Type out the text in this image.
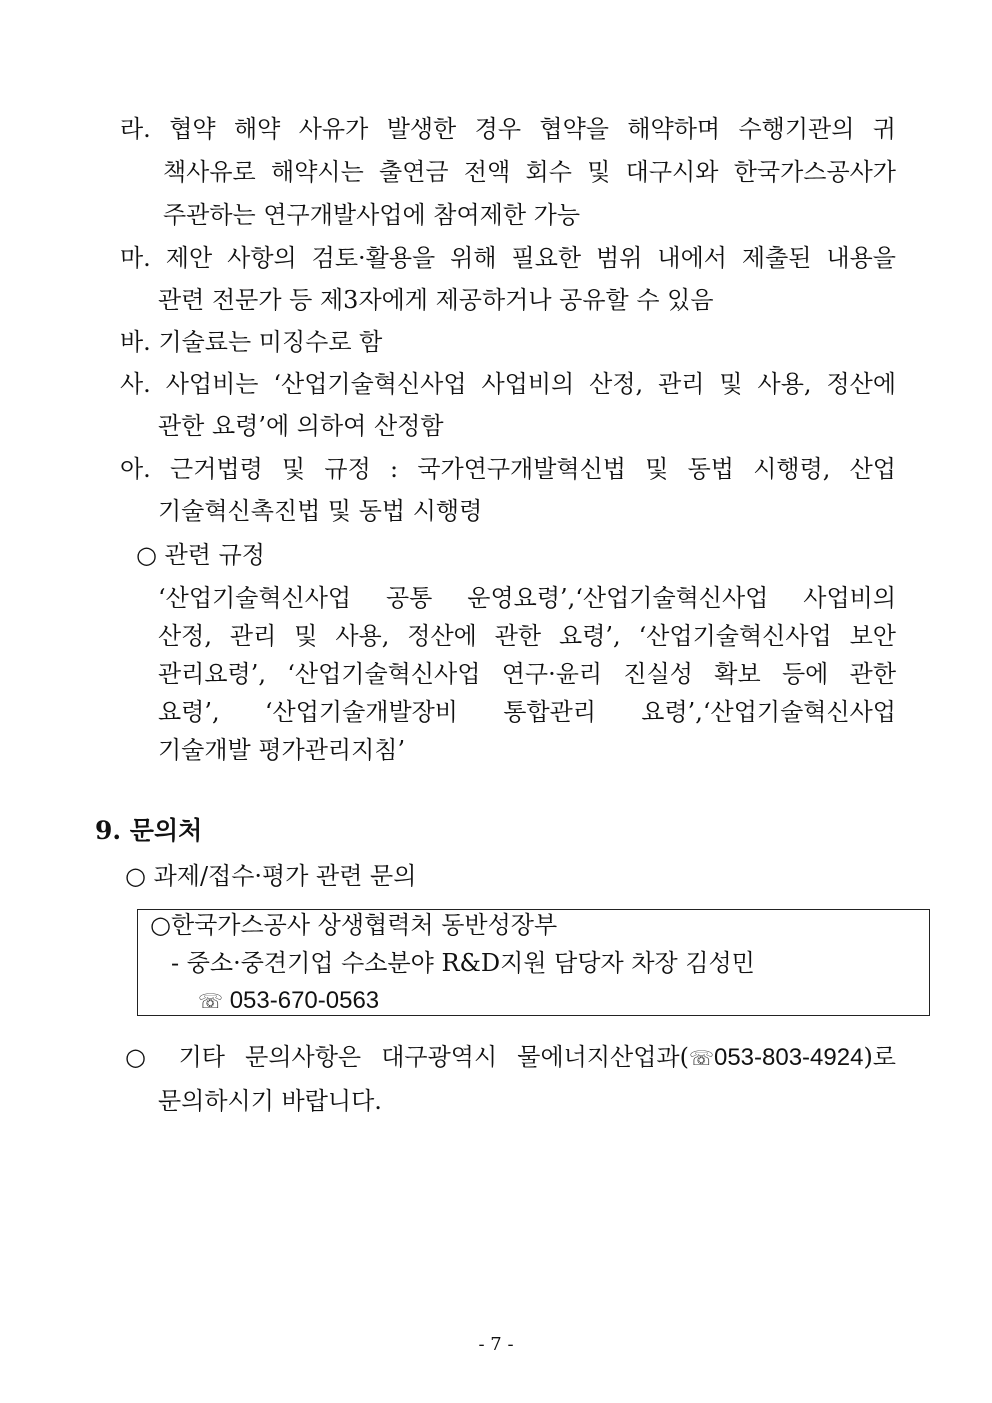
라. 협약 해약 사유가 발생한 경우 협약을 해약하며 수행기관의 귀
책사유로 해약시는 출연금 전액 회수 및 대구시와 한국가스공사가
주관하는 연구개발사업에 참여제한 가능
마. 제안 사항의 검토·활용을 위해 필요한 범위 내에서 제출된 내용을
관련 전문가 등 제3자에게 제공하거나 공유할 수 있음
바. 기술료는 미징수로 함
사. 사업비는 ‘산업기술혁신사업 사업비의 산정, 관리 및 사용, 정산에
관한 요령’에 의하여 산정함
아. 근거법령 및 규정 : 국가연구개발혁신법 및 동법 시행령, 산업
기술혁신촉진법 및 동법 시행령
○ 관련 규정
‘산업기술혁신사업 공통 운영요령’,‘산업기술혁신사업 사업비의
산정, 관리 및 사용, 정산에 관한 요령’, ‘산업기술혁신사업 보안
관리요령’, ‘산업기술혁신사업 연구·윤리 진실성 확보 등에 관한
요령’, ‘산업기술개발장비 통합관리 요령’,‘산업기술혁신사업
기술개발 평가관리지침’
9. 문의처
○ 과제/접수·평가 관련 문의
○한국가스공사 상생협력처 동반성장부
- 중소·중견기업 수소분야 R&D지원 담당자 차장 김성민
☏ 053-670-0563
○ 기타 문의사항은 대구광역시 물에너지산업과(☏053-803-4924)로
문의하시기 바랍니다.
- 7 -
